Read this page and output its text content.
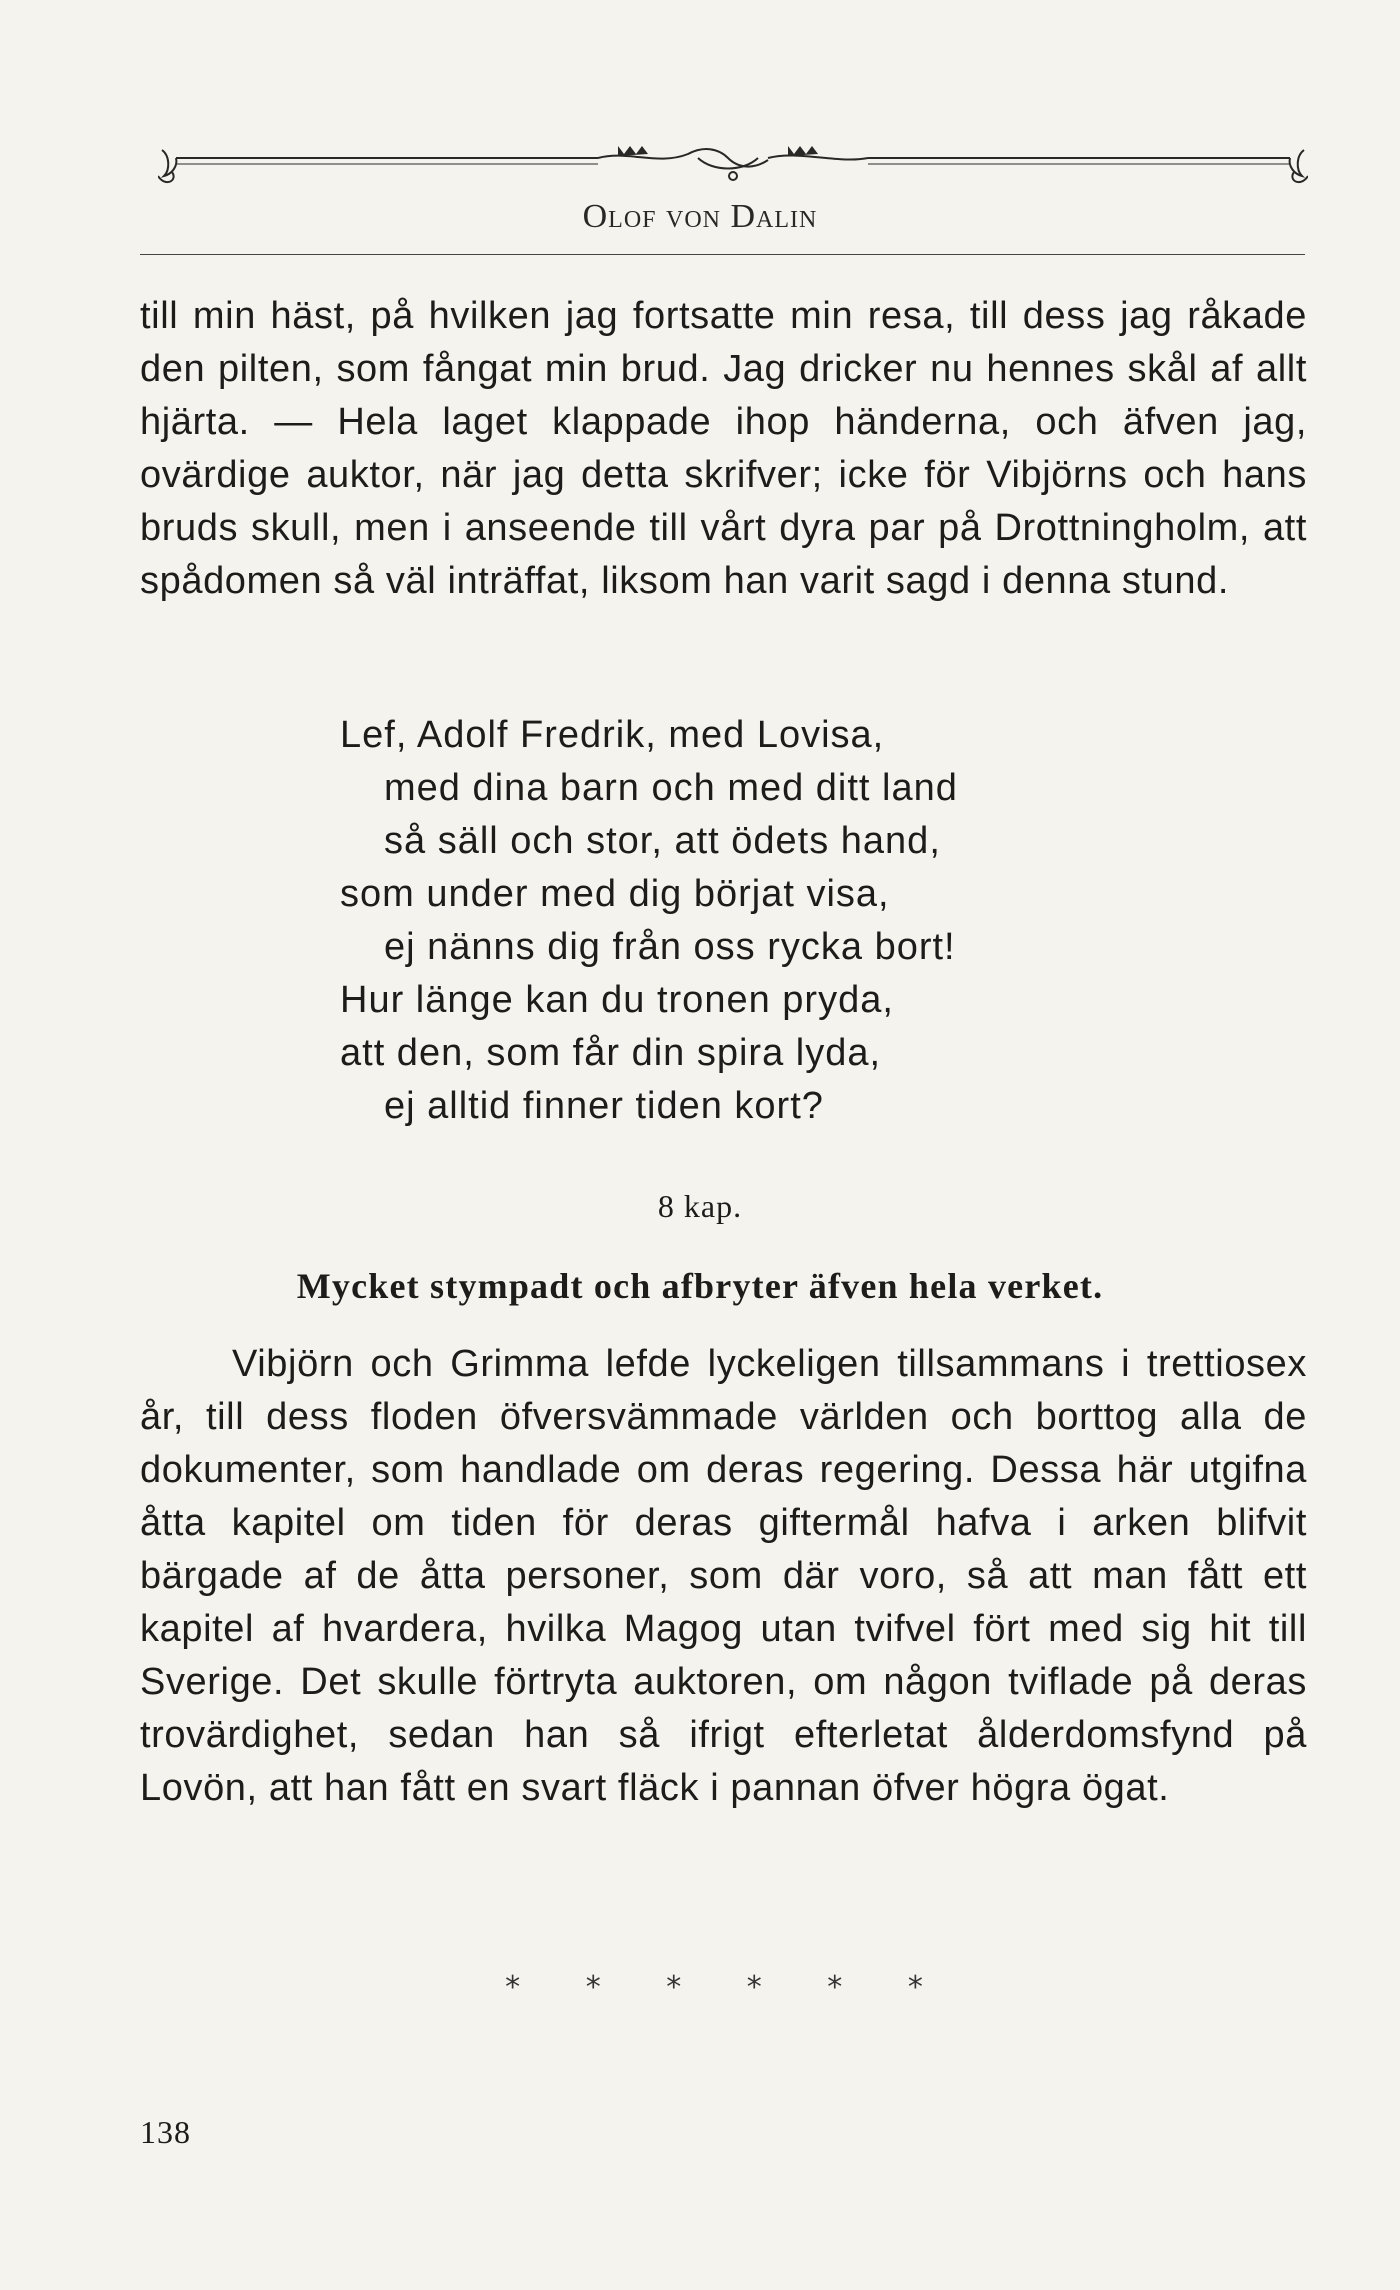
Olof von Dalin

till min häst, på hvilken jag fortsatte min resa, till dess jag råkade den pilten, som fångat min brud. Jag dricker nu hennes skål af allt hjärta. — Hela laget klappade ihop händerna, och äfven jag, ovärdige auktor, när jag detta skrifver; icke för Vibjörns och hans bruds skull, men i anseende till vårt dyra par på Drottningholm, att spådomen så väl inträffat, liksom han varit sagd i denna stund.

Lef, Adolf Fredrik, med Lovisa,
med dina barn och med ditt land
så säll och stor, att ödets hand,
som under med dig börjat visa,
ej nänns dig från oss rycka bort!
Hur länge kan du tronen pryda,
att den, som får din spira lyda,
ej alltid finner tiden kort?
8 kap.
Mycket stympadt och afbryter äfven hela verket.

Vibjörn och Grimma lefde lyckeligen tillsammans i trettiosex år, till dess floden öfversvämmade världen och borttog alla de dokumenter, som handlade om deras regering. Dessa här utgifna åtta kapitel om tiden för deras giftermål hafva i arken blifvit bärgade af de åtta personer, som där voro, så att man fått ett kapitel af hvardera, hvilka Magog utan tvifvel fört med sig hit till Sverige. Det skulle förtryta auktoren, om någon tviflade på deras trovärdighet, sedan han så ifrigt efterletat ålderdomsfynd på Lovön, att han fått en svart fläck i pannan öfver högra ögat.

* * * * * *
138
